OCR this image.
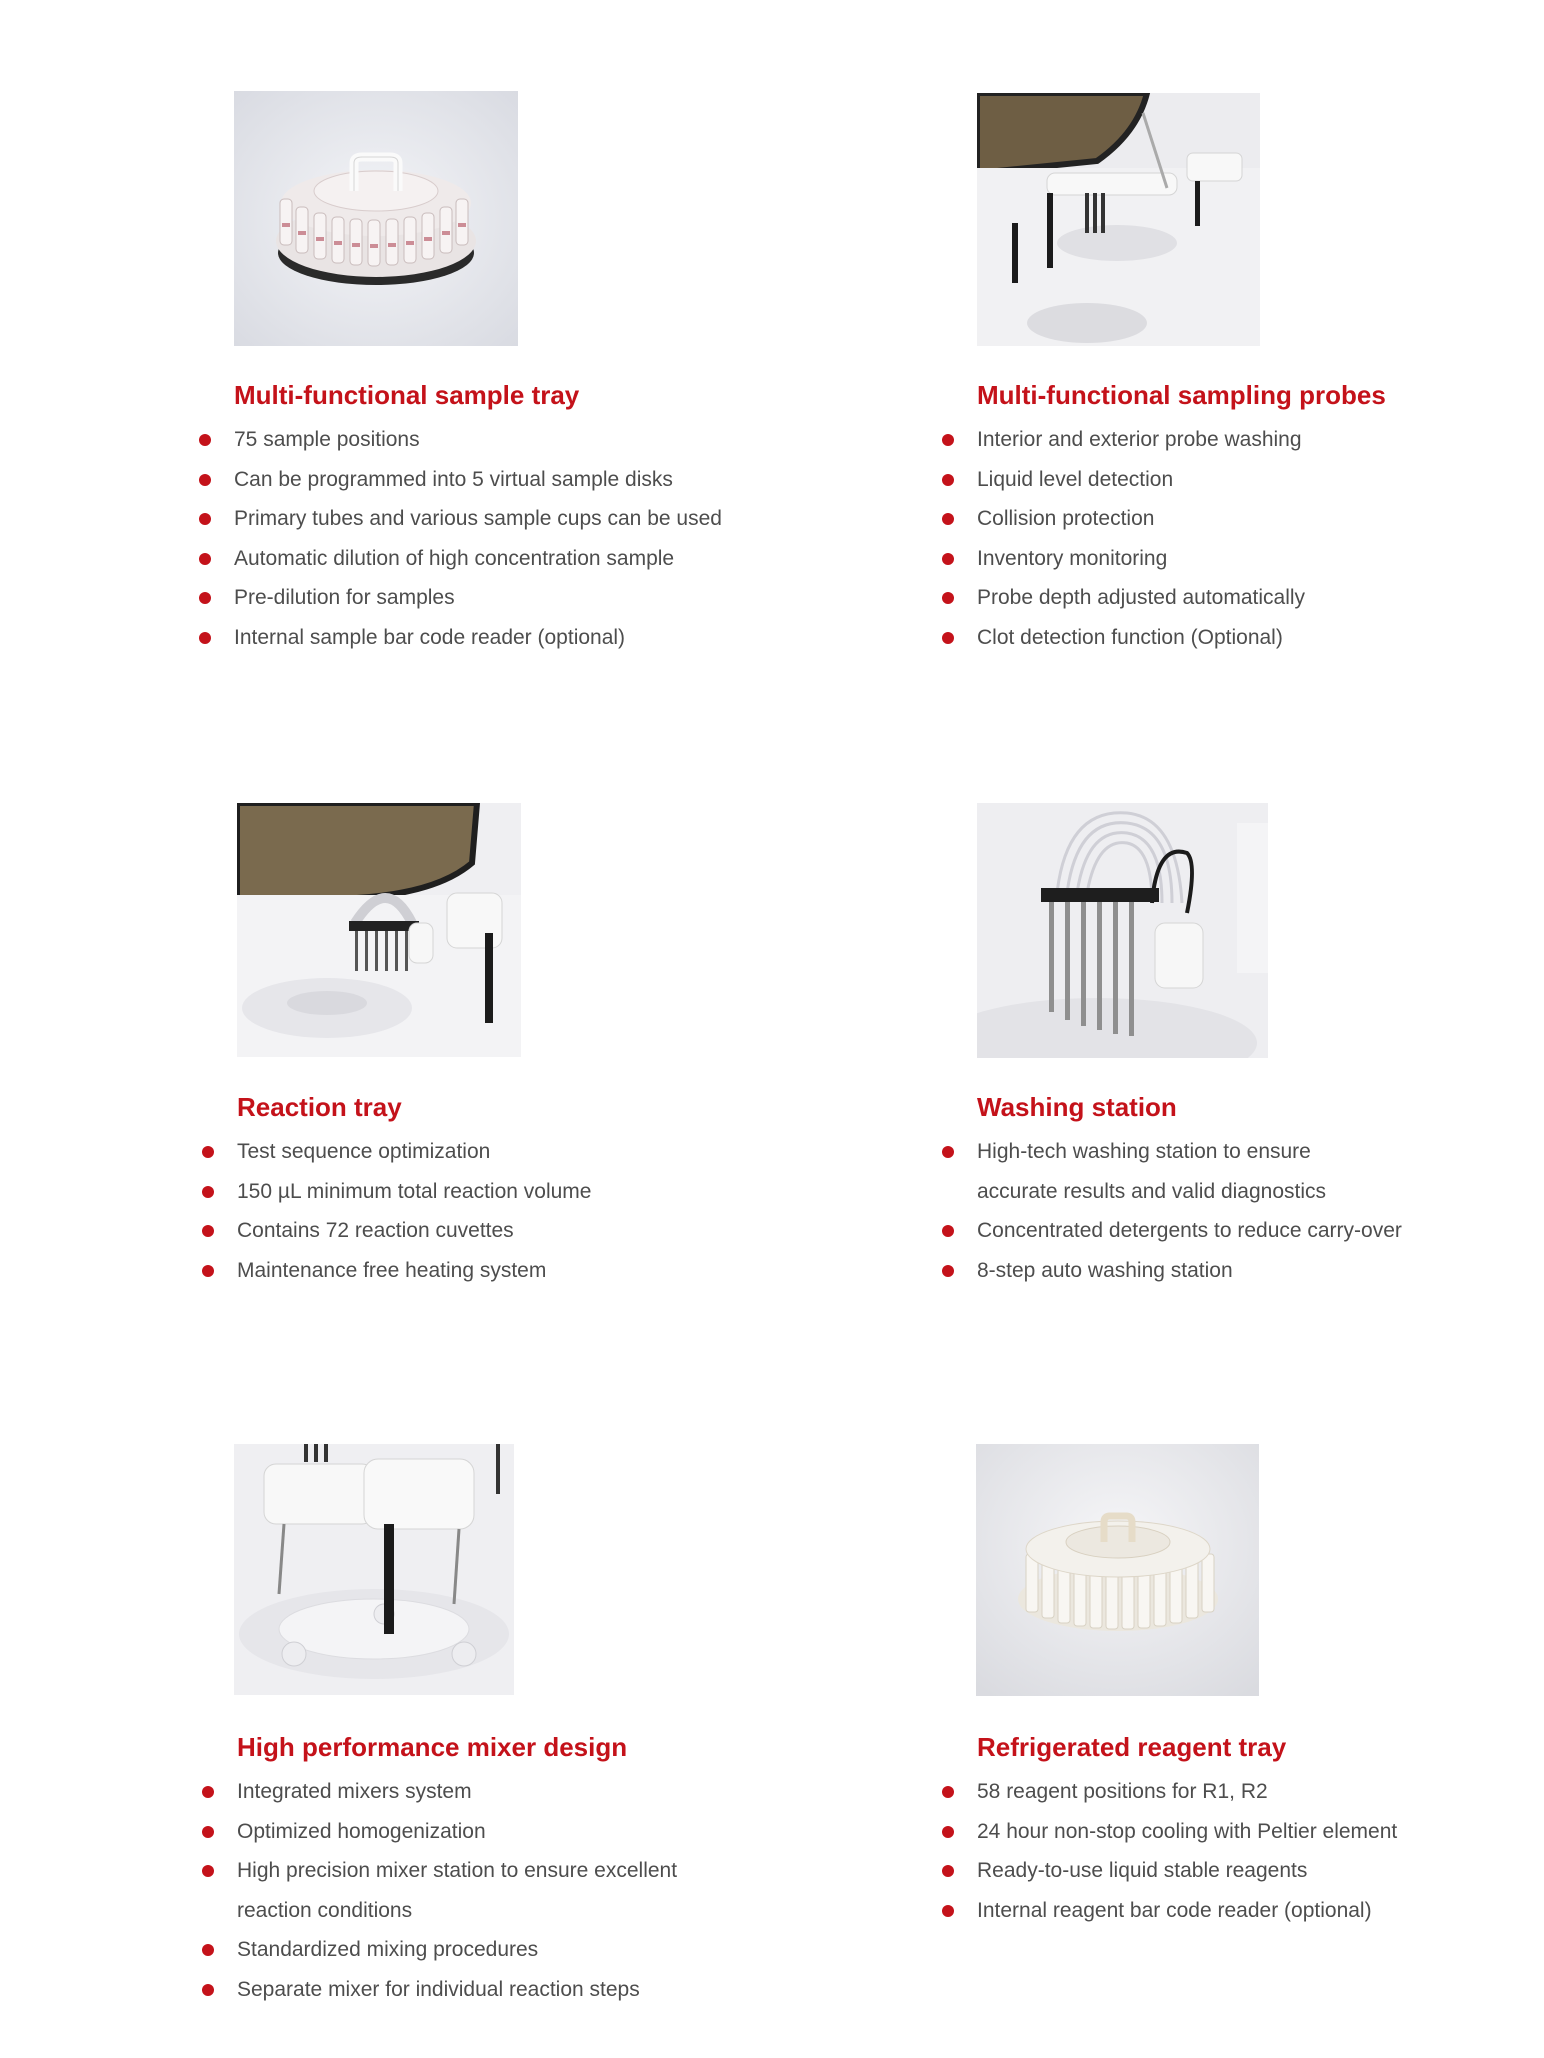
Multi-functional sample tray
75 sample positions
Can be programmed into 5 virtual sample disks
Primary tubes and various sample cups can be used
Automatic dilution of high concentration sample
Pre-dilution for samples
Internal sample bar code reader (optional)
Multi-functional sampling probes
Interior and exterior probe washing
Liquid level detection
Collision protection
Inventory monitoring
Probe depth adjusted automatically
Clot detection function (Optional)
Reaction tray
Test sequence optimization
150 µL minimum total reaction volume
Contains 72 reaction cuvettes
Maintenance free heating system
Washing station
High-tech washing station to ensure
accurate results and valid diagnostics
Concentrated detergents to reduce carry-over
8-step auto washing station
High performance mixer design
Integrated mixers system
Optimized homogenization
High precision mixer station to ensure excellent
reaction conditions
Standardized mixing procedures
Separate mixer for individual reaction steps
Refrigerated reagent tray
58 reagent positions for R1, R2
24 hour non-stop cooling with Peltier element
Ready-to-use liquid stable reagents
Internal reagent bar code reader (optional)
